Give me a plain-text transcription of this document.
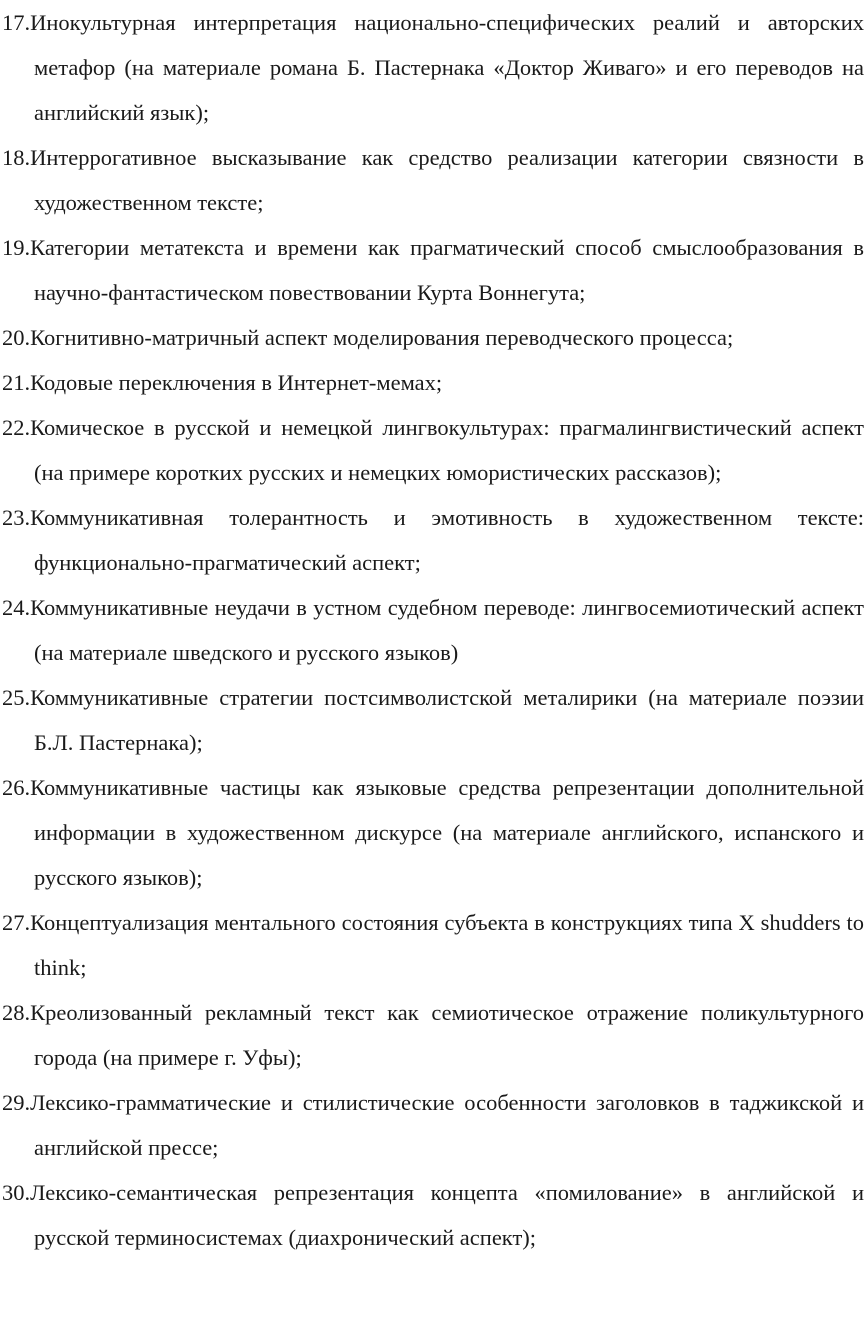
17.Инокультурная интерпретация национально-специфических реалий и авторских метафор (на материале романа Б. Пастернака «Доктор Живаго» и его переводов на английский язык);

18.Интеррогативное высказывание как средство реализации категории связности в художественном тексте;

19.Категории метатекста и времени как прагматический способ смыслообразования в научно-фантастическом повествовании Курта Воннегута;

20.Когнитивно-матричный аспект моделирования переводческого процесса;

21.Кодовые переключения в Интернет-мемах;

22.Комическое в русской и немецкой лингвокультурах: прагмалингвистический аспект (на примере коротких русских и немецких юмористических рассказов);

23.Коммуникативная толерантность и эмотивность в художественном тексте: функционально-прагматический аспект;

24.Коммуникативные неудачи в устном судебном переводе: лингвосемиотический аспект (на материале шведского и русского языков)

25.Коммуникативные стратегии постсимволистской металирики (на материале поэзии Б.Л. Пастернака);

26.Коммуникативные частицы как языковые средства репрезентации дополнительной информации в художественном дискурсе (на материале английского, испанского и русского языков);

27.Концептуализация ментального состояния субъекта в конструкциях типа X shudders to think;

28.Креолизованный рекламный текст как семиотическое отражение поликультурного города (на примере г. Уфы);

29.Лексико-грамматические и стилистические особенности заголовков в таджикской и английской прессе;

30.Лексико-семантическая репрезентация концепта «помилование» в английской и русской терминосистемах (диахронический аспект);
